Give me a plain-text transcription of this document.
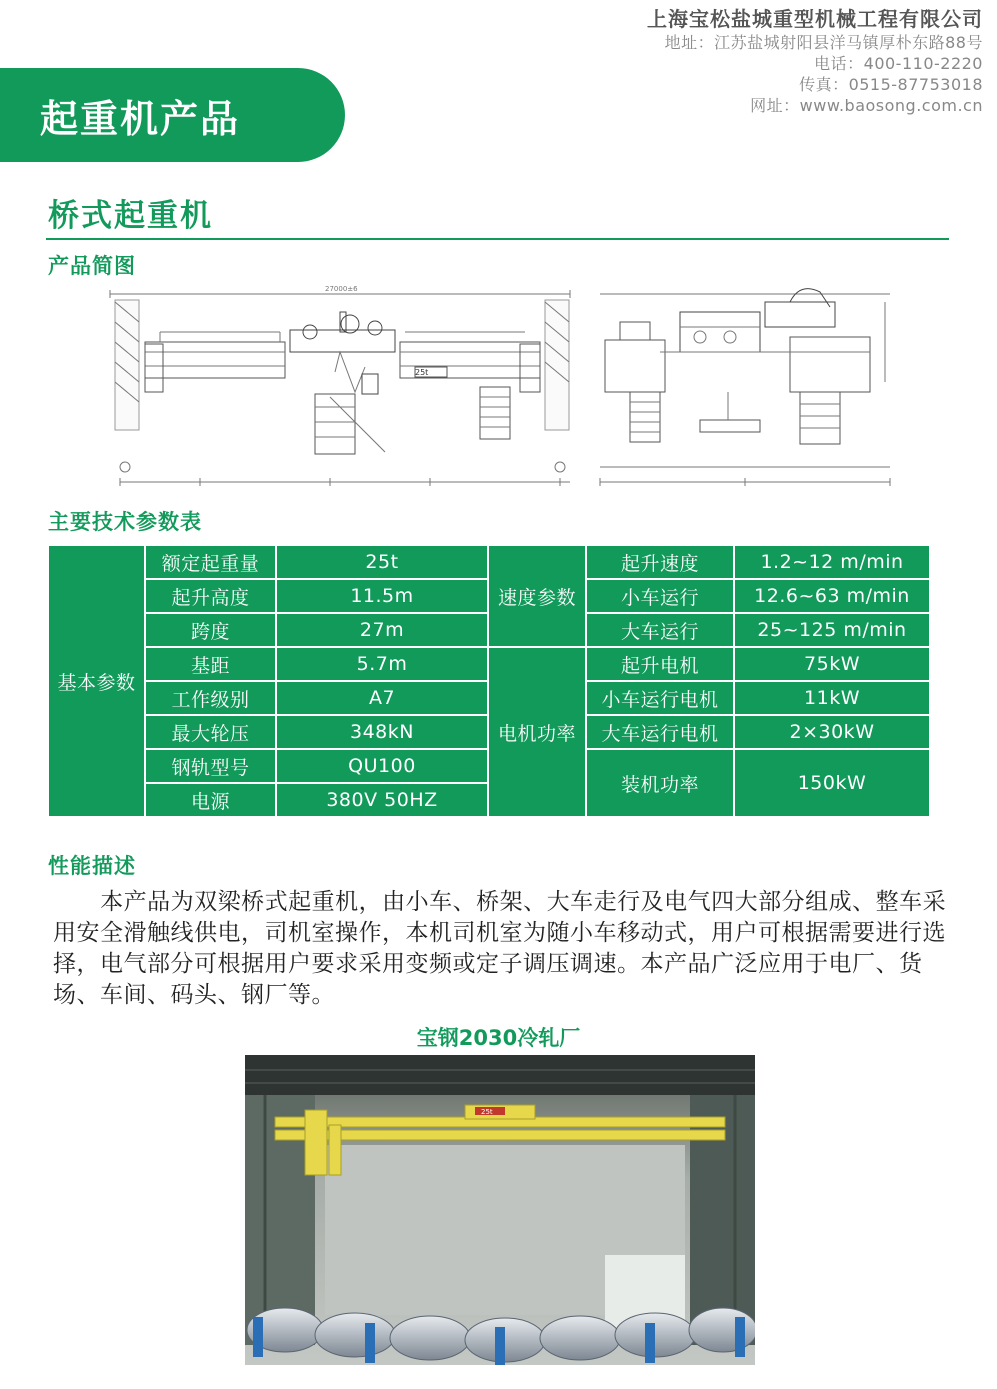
上海宝松盐城重型机械工程有限公司
地址：江苏盐城射阳县洋马镇厚朴东路88号
电话：400-110-2220
传真：0515-87753018
网址：www.baosong.com.cn
起重机产品
桥式起重机
产品简图
27000±6
25t
主要技术参数表
基本参数	额定起重量	25t	速度参数	起升速度	1.2~12 m/min
	起升高度	11.5m		小车运行	12.6~63 m/min
	跨度	27m		大车运行	25~125 m/min
	基距	5.7m	电机功率	起升电机	75kW
	工作级别	A7		小车运行电机	11kW
	最大轮压	348kN		大车运行电机	2×30kW
	钢轨型号	QU100		装机功率	150kW
	电源	380V 50HZ			
性能描述
本产品为双梁桥式起重机，由小车、桥架、大车走行及电气四大部分组成、整车采用安全滑触线供电，司机室操作，本机司机室为随小车移动式，用户可根据需要进行选择，电气部分可根据用户要求采用变频或定子调压调速。本产品广泛应用于电厂、货场、车间、码头、钢厂等。
宝钢2030冷轧厂
25t
